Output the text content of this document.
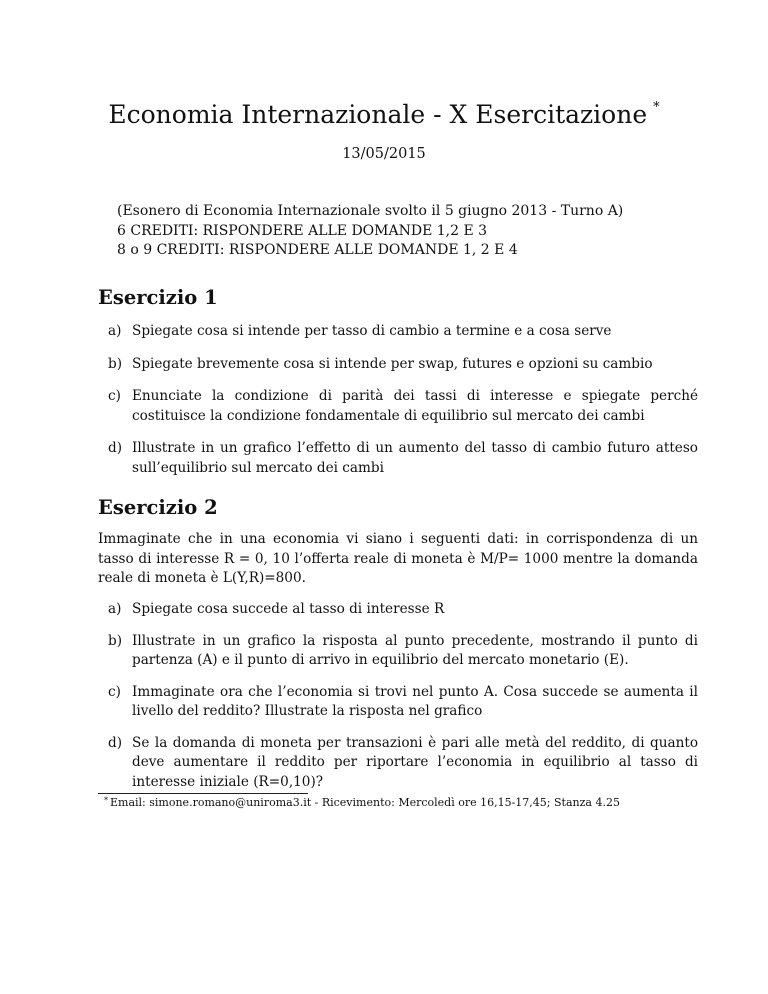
Economia Internazionale - X Esercitazione *
13/05/2015
(Esonero di Economia Internazionale svolto il 5 giugno 2013 - Turno A)
6 CREDITI: RISPONDERE ALLE DOMANDE 1,2 E 3
8 o 9 CREDITI: RISPONDERE ALLE DOMANDE 1, 2 E 4
Esercizio 1
a) Spiegate cosa si intende per tasso di cambio a termine e a cosa serve
b) Spiegate brevemente cosa si intende per swap, futures e opzioni su cambio
c) Enunciate la condizione di parità dei tassi di interesse e spiegate perché costituisce la condizione fondamentale di equilibrio sul mercato dei cambi
d) Illustrate in un grafico l’effetto di un aumento del tasso di cambio futuro atteso sull’equilibrio sul mercato dei cambi
Esercizio 2
Immaginate che in una economia vi siano i seguenti dati: in corrispondenza di un tasso di interesse R = 0, 10 l’offerta reale di moneta è M/P= 1000 mentre la domanda reale di moneta è L(Y,R)=800.
a) Spiegate cosa succede al tasso di interesse R
b) Illustrate in un grafico la risposta al punto precedente, mostrando il punto di partenza (A) e il punto di arrivo in equilibrio del mercato monetario (E).
c) Immaginate ora che l’economia si trovi nel punto A. Cosa succede se aumenta il livello del reddito? Illustrate la risposta nel grafico
d) Se la domanda di moneta per transazioni è pari alle metà del reddito, di quanto deve aumentare il reddito per riportare l’economia in equilibrio al tasso di interesse iniziale (R=0,10)?
* Email: simone.romano@uniroma3.it - Ricevimento: Mercoledì ore 16,15-17,45; Stanza 4.25
